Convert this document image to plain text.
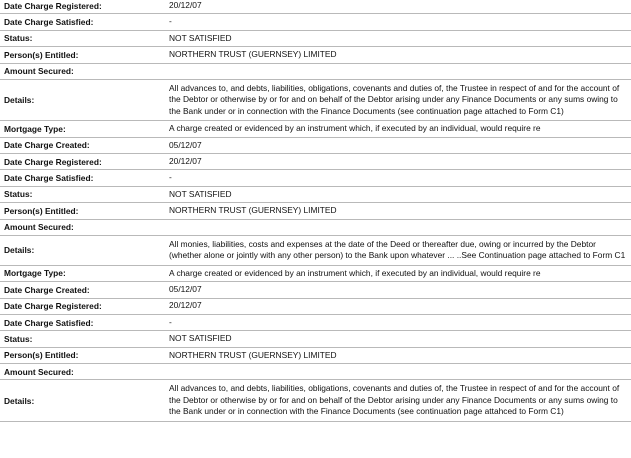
Date Charge Registered:	20/12/07
Date Charge Satisfied:	-
Status:	NOT SATISFIED
Person(s) Entitled:	NORTHERN TRUST (GUERNSEY) LIMITED
Amount Secured:	
Details:	All advances to, and debts, liabilities, obligations, covenants and duties of, the Trustee in respect of and for the account of the Debtor or otherwise by or for and on behalf of the Debtor arising under any Finance Documents or any sums owing to the Bank under or in connection with the Finance Documents (see continuation page attached to Form C1)
Mortgage Type:	A charge created or evidenced by an instrument which, if executed by an individual, would require re
Date Charge Created:	05/12/07
Date Charge Registered:	20/12/07
Date Charge Satisfied:	-
Status:	NOT SATISFIED
Person(s) Entitled:	NORTHERN TRUST (GUERNSEY) LIMITED
Amount Secured:	
Details:	All monies, liabilities, costs and expenses at the date of the Deed or thereafter due, owing or incurred by the Debtor (whether alone or jointly with any other person) to the Bank upon whatever ... ..See Continuation page attached to Form C1
Mortgage Type:	A charge created or evidenced by an instrument which, if executed by an individual, would require re
Date Charge Created:	05/12/07
Date Charge Registered:	20/12/07
Date Charge Satisfied:	-
Status:	NOT SATISFIED
Person(s) Entitled:	NORTHERN TRUST (GUERNSEY) LIMITED
Amount Secured:	
Details:	All advances to, and debts, liabilities, obligations, covenants and duties of, the Trustee in respect of and for the account of the Debtor or otherwise by or for and on behalf of the Debtor arising under any Finance Documents or any sums owing to the Bank under or in connection with the Finance Documents (see continuation page attahced to Form C1)
